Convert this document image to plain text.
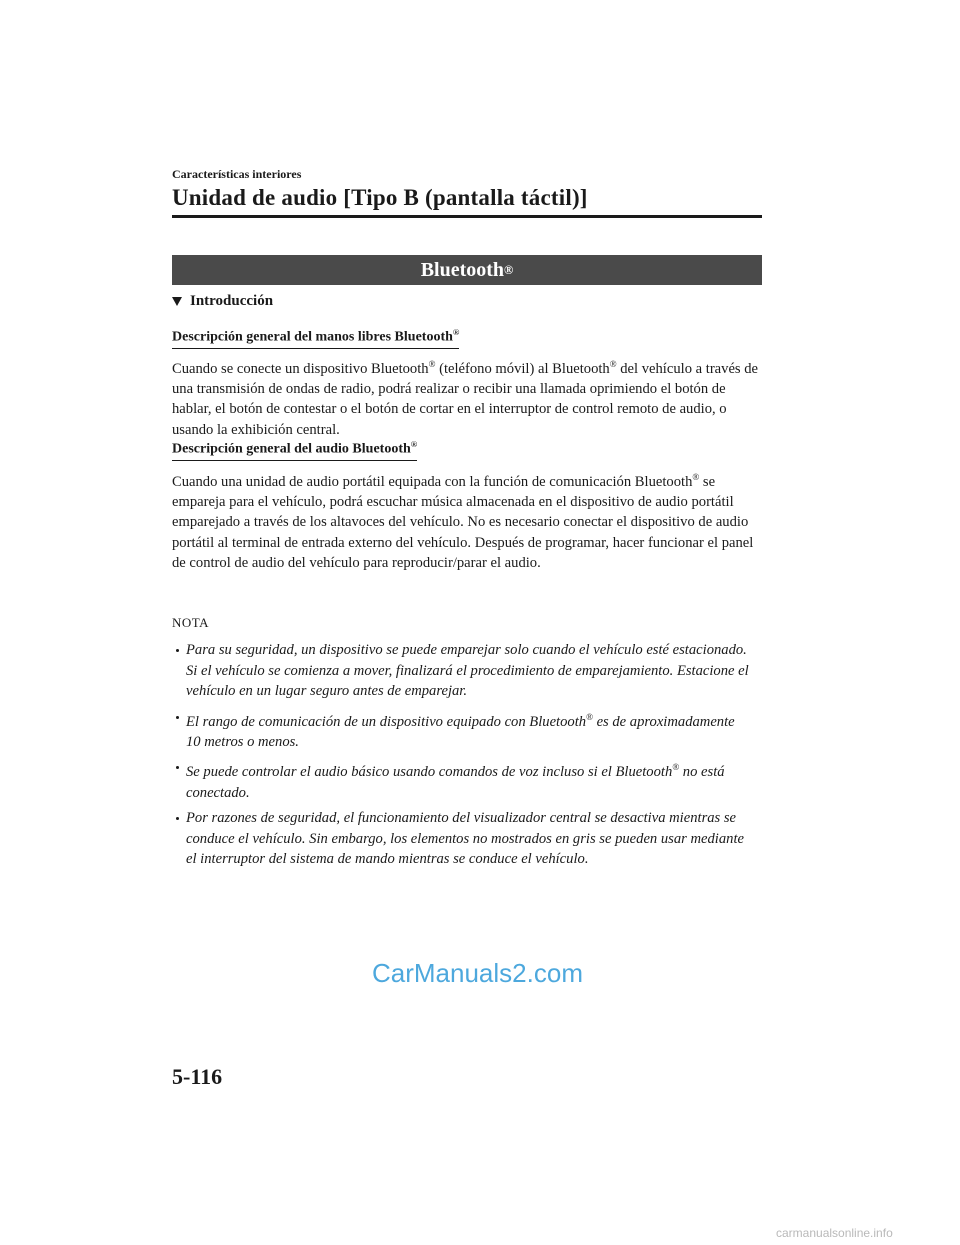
Características interiores
Unidad de audio [Tipo B (pantalla táctil)]
Bluetooth ®
Introducción
Descripción general del manos libres Bluetooth®

Cuando se conecte un dispositivo Bluetooth® (teléfono móvil) al Bluetooth® del vehículo a través de una transmisión de ondas de radio, podrá realizar o recibir una llamada oprimiendo el botón de hablar, el botón de contestar o el botón de cortar en el interruptor de control remoto de audio, o usando la exhibición central.

Descripción general del audio Bluetooth®

Cuando una unidad de audio portátil equipada con la función de comunicación Bluetooth® se empareja para el vehículo, podrá escuchar música almacenada en el dispositivo de audio portátil emparejado a través de los altavoces del vehículo. No es necesario conectar el dispositivo de audio portátil al terminal de entrada externo del vehículo. Después de programar, hacer funcionar el panel de control de audio del vehículo para reproducir/parar el audio.

NOTA
Para su seguridad, un dispositivo se puede emparejar solo cuando el vehículo esté estacionado. Si el vehículo se comienza a mover, finalizará el procedimiento de emparejamiento. Estacione el vehículo en un lugar seguro antes de emparejar.
El rango de comunicación de un dispositivo equipado con Bluetooth® es de aproximadamente 10 metros o menos.
Se puede controlar el audio básico usando comandos de voz incluso si el Bluetooth® no está conectado.
Por razones de seguridad, el funcionamiento del visualizador central se desactiva mientras se conduce el vehículo. Sin embargo, los elementos no mostrados en gris se pueden usar mediante el interruptor del sistema de mando mientras se conduce el vehículo.
CarManuals2.com
5-116
carmanualsonline.info
